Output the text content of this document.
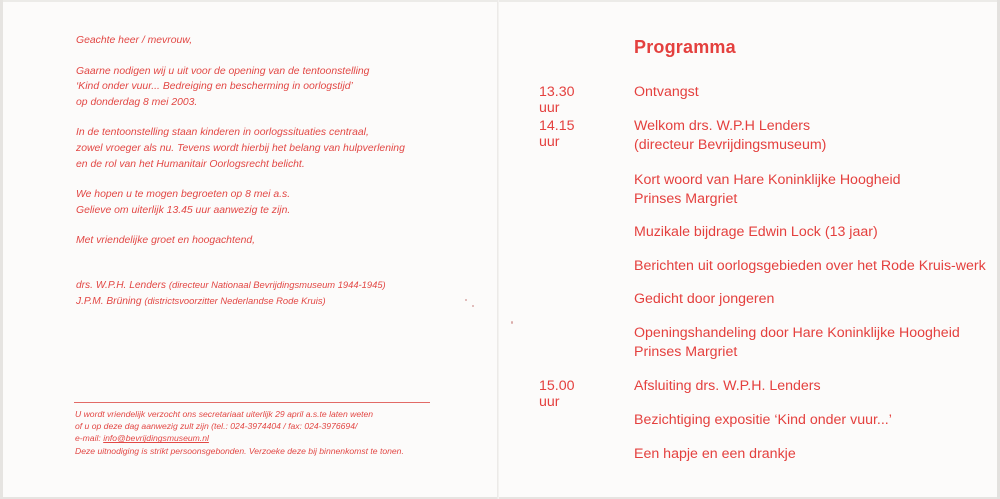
Geachte heer / mevrouw,

Gaarne nodigen wij u uit voor de opening van de tentoonstelling

‘Kind onder vuur... Bedreiging en bescherming in oorlogstijd’

op donderdag 8 mei 2003.

In de tentoonstelling staan kinderen in oorlogssituaties centraal,

zowel vroeger als nu. Tevens wordt hierbij het belang van hulpverlening

en de rol van het Humanitair Oorlogsrecht belicht.

We hopen u te mogen begroeten op 8 mei a.s.

Gelieve om uiterlijk 13.45 uur aanwezig te zijn.

Met vriendelijke groet en hoogachtend,

drs. W.P.H. Lenders (directeur Nationaal Bevrijdingsmuseum 1944-1945)
J.P.M. Brüning (districtsvoorzitter Nederlandse Rode Kruis)

U wordt vriendelijk verzocht ons secretariaat uiterlijk 29 april a.s.te laten weten

of u op deze dag aanwezig zult zijn (tel.: 024-3974404 / fax: 024-3976694/

e-mail: info@bevrijdingsmuseum.nl

Deze uitnodiging is strikt persoonsgebonden. Verzoeke deze bij binnenkomst te tonen.

Programma
13.30 uur
Ontvangst
14.15 uur
Welkom drs. W.P.H Lenders
(directeur Bevrijdingsmuseum)
Kort woord van Hare Koninklijke Hoogheid
Prinses Margriet
Muzikale bijdrage Edwin Lock (13 jaar)
Berichten uit oorlogsgebieden over het Rode Kruis-werk
Gedicht door jongeren
Openingshandeling door Hare Koninklijke Hoogheid
Prinses Margriet
15.00 uur
Afsluiting drs. W.P.H. Lenders
Bezichtiging expositie ‘Kind onder vuur...’
Een hapje en een drankje
